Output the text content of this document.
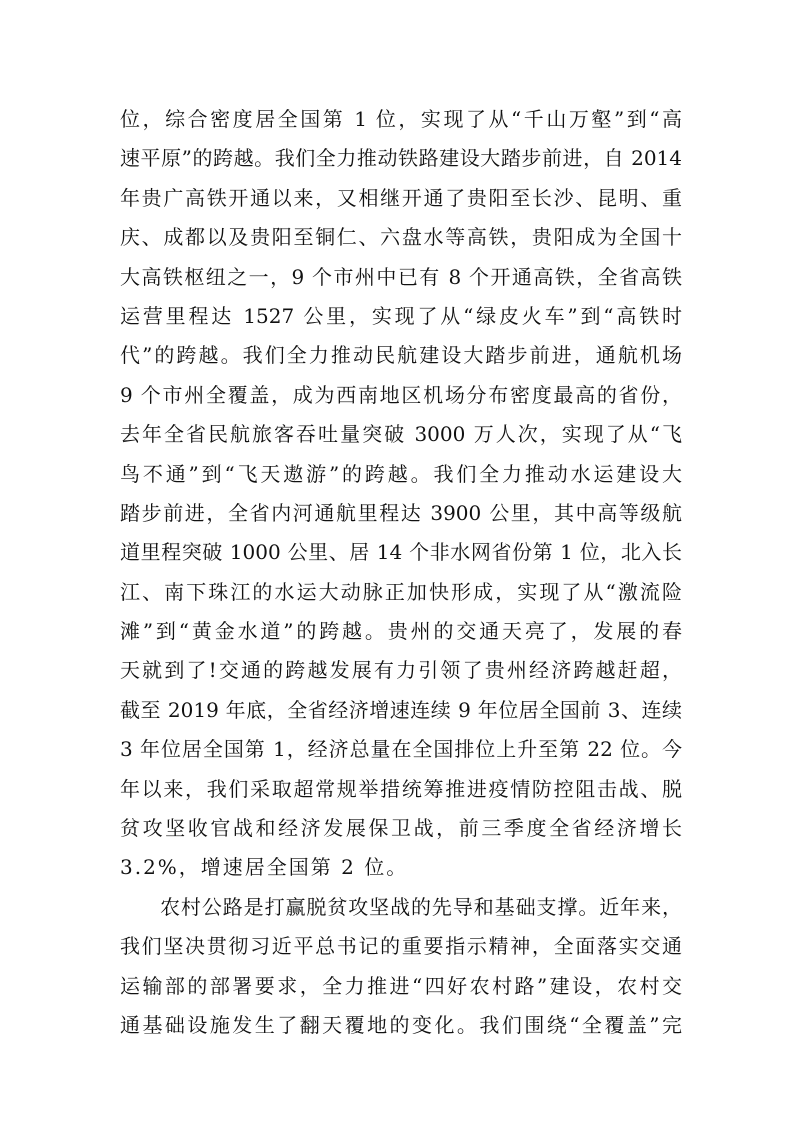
位，综合密度居全国第 1 位，实现了从“千山万壑”到“高
速平原”的跨越。我们全力推动铁路建设大踏步前进，自 2014
年贵广高铁开通以来，又相继开通了贵阳至长沙、昆明、重
庆、成都以及贵阳至铜仁、六盘水等高铁，贵阳成为全国十
大高铁枢纽之一，9 个市州中已有 8 个开通高铁，全省高铁
运营里程达 1527 公里，实现了从“绿皮火车”到“高铁时
代”的跨越。我们全力推动民航建设大踏步前进，通航机场
9 个市州全覆盖，成为西南地区机场分布密度最高的省份，
去年全省民航旅客吞吐量突破 3000 万人次，实现了从“飞
鸟不通”到“飞天遨游”的跨越。我们全力推动水运建设大
踏步前进，全省内河通航里程达 3900 公里，其中高等级航
道里程突破 1000 公里、居 14 个非水网省份第 1 位，北入长
江、南下珠江的水运大动脉正加快形成，实现了从“激流险
滩”到“黄金水道”的跨越。贵州的交通天亮了，发展的春
天就到了!交通的跨越发展有力引领了贵州经济跨越赶超，
截至 2019 年底，全省经济增速连续 9 年位居全国前 3、连续
3 年位居全国第 1，经济总量在全国排位上升至第 22 位。今
年以来，我们采取超常规举措统筹推进疫情防控阻击战、脱
贫攻坚收官战和经济发展保卫战，前三季度全省经济增长
3.2%，增速居全国第 2 位。
农村公路是打赢脱贫攻坚战的先导和基础支撑。近年来，
我们坚决贯彻习近平总书记的重要指示精神，全面落实交通
运输部的部署要求，全力推进“四好农村路”建设，农村交
通基础设施发生了翻天覆地的变化。我们围绕“全覆盖”完
